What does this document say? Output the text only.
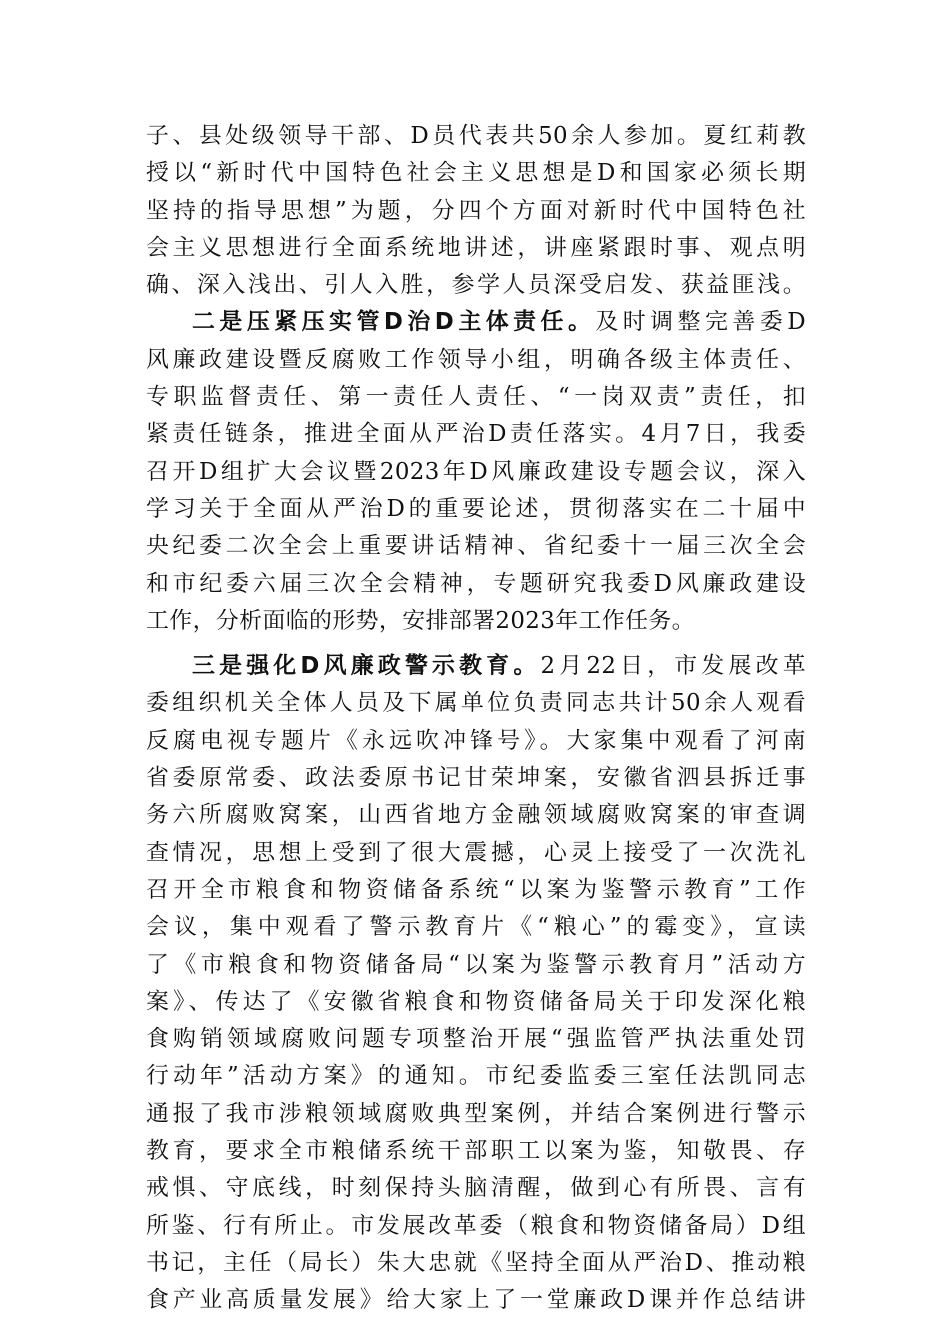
子、县处级领导干部、D员代表共50余人参加。夏红莉教
授以“新时代中国特色社会主义思想是D和国家必须长期
坚持的指导思想”为题，分四个方面对新时代中国特色社
会主义思想进行全面系统地讲述，讲座紧跟时事、观点明
确、深入浅出、引人入胜，参学人员深受启发、获益匪浅。
二是压紧压实管D治D主体责任。及时调整完善委D
风廉政建设暨反腐败工作领导小组，明确各级主体责任、
专职监督责任、第一责任人责任、“一岗双责”责任，扣
紧责任链条，推进全面从严治D责任落实。4月7日，我委
召开D组扩大会议暨2023年D风廉政建设专题会议，深入
学习关于全面从严治D的重要论述，贯彻落实在二十届中
央纪委二次全会上重要讲话精神、省纪委十一届三次全会
和市纪委六届三次全会精神，专题研究我委D风廉政建设
工作，分析面临的形势，安排部署2023年工作任务。
三是强化D风廉政警示教育。2月22日，市发展改革
委组织机关全体人员及下属单位负责同志共计50余人观看
反腐电视专题片《永远吹冲锋号》。大家集中观看了河南
省委原常委、政法委原书记甘荣坤案，安徽省泗县拆迁事
务六所腐败窝案，山西省地方金融领域腐败窝案的审查调
查情况，思想上受到了很大震撼，心灵上接受了一次洗礼
召开全市粮食和物资储备系统“以案为鉴警示教育”工作
会议，集中观看了警示教育片《“粮心”的霉变》，宣读
了《市粮食和物资储备局“以案为鉴警示教育月”活动方
案》、传达了《安徽省粮食和物资储备局关于印发深化粮
食购销领域腐败问题专项整治开展“强监管严执法重处罚
行动年”活动方案》的通知。市纪委监委三室任法凯同志
通报了我市涉粮领域腐败典型案例，并结合案例进行警示
教育，要求全市粮储系统干部职工以案为鉴，知敬畏、存
戒惧、守底线，时刻保持头脑清醒，做到心有所畏、言有
所鉴、行有所止。市发展改革委（粮食和物资储备局）D组
书记，主任（局长）朱大忠就《坚持全面从严治D、推动粮
食产业高质量发展》给大家上了一堂廉政D课并作总结讲
